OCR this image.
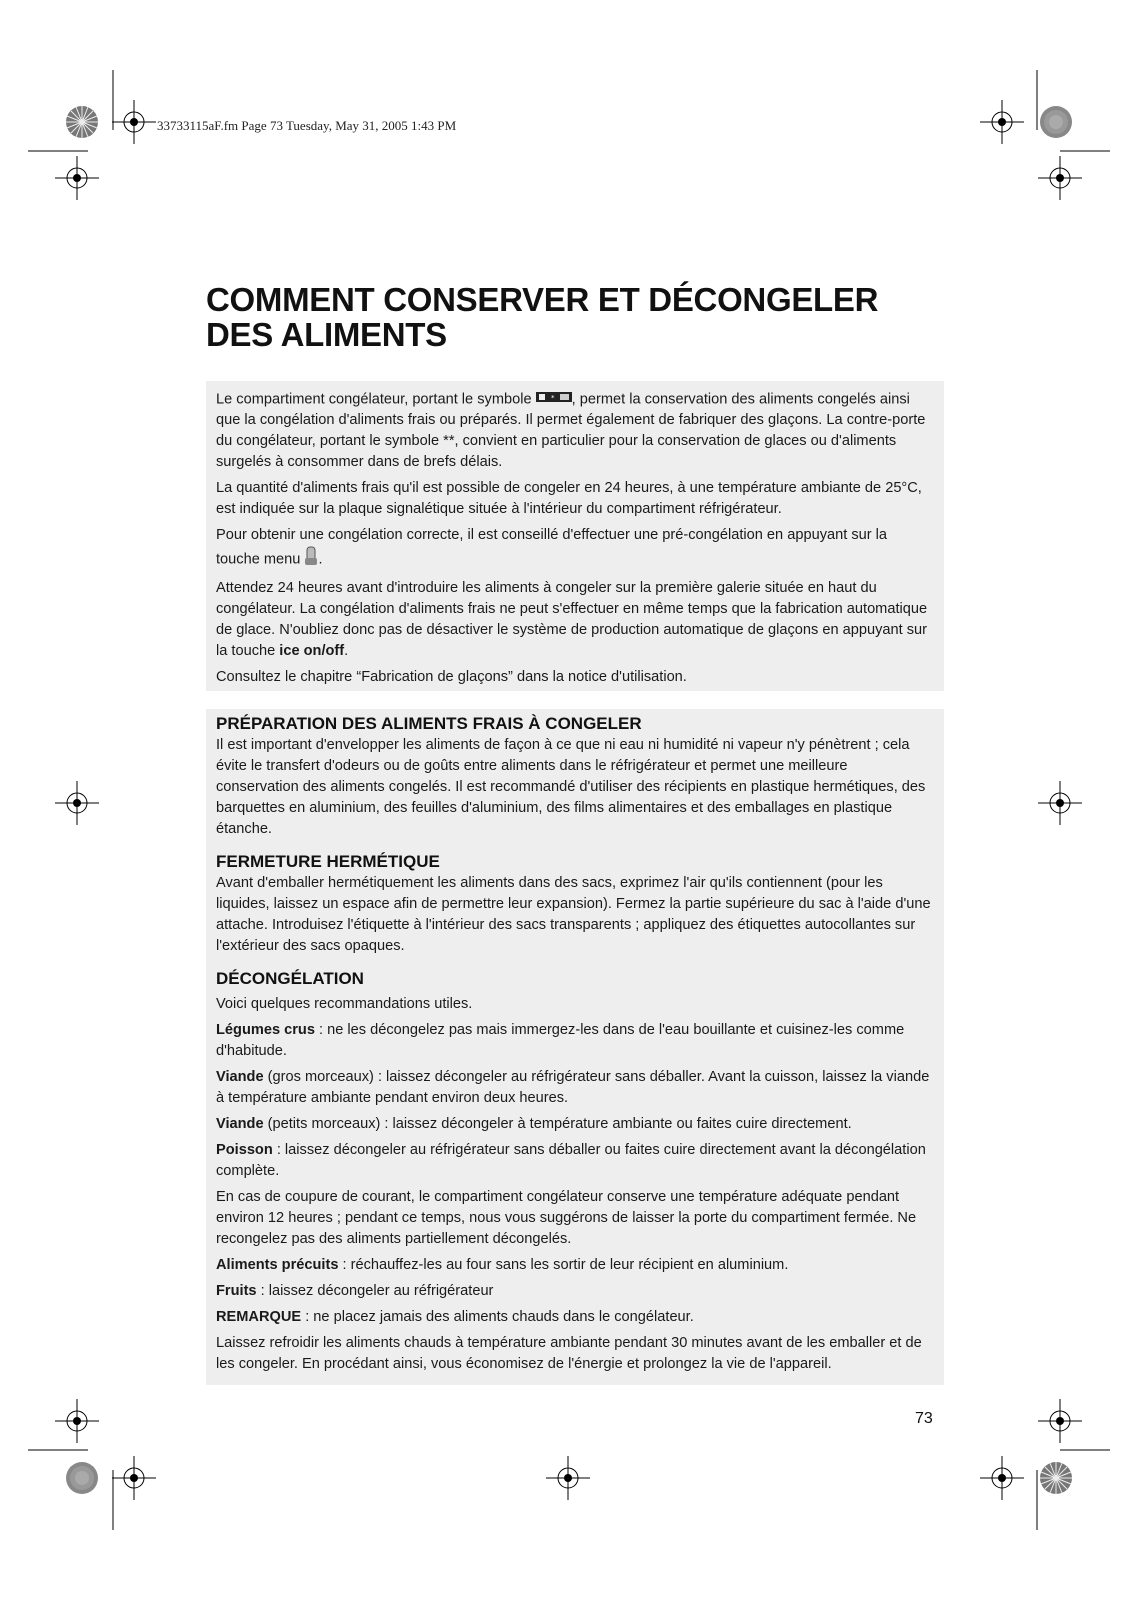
33733115aF.fm Page 73 Tuesday, May 31, 2005 1:43 PM
COMMENT CONSERVER ET DÉCONGELER
DES ALIMENTS

Le compartiment congélateur, portant le symbole	* , permet la conservation des aliments congelés ainsi que la congélation d'aliments frais ou préparés. Il permet également de fabriquer des glaçons. La contre-porte du congélateur, portant le symbole **, convient en particulier pour la conservation de glaces ou d'aliments surgelés à consommer dans de brefs délais.

La quantité d'aliments frais qu'il est possible de congeler en 24 heures, à une température ambiante de 25°C, est indiquée sur la plaque signalétique située à l'intérieur du compartiment réfrigérateur.

Pour obtenir une congélation correcte, il est conseillé d'effectuer une pré-congélation en appuyant sur la touche menu .

Attendez 24 heures avant d'introduire les aliments à congeler sur la première galerie située en haut du congélateur. La congélation d'aliments frais ne peut s'effectuer en même temps que la fabrication automatique de glace. N'oubliez donc pas de désactiver le système de production automatique de glaçons en appuyant sur la touche ice on/off.

Consultez le chapitre “Fabrication de glaçons” dans la notice d'utilisation.

PRÉPARATION DES ALIMENTS FRAIS À CONGELER

Il est important d'envelopper les aliments de façon à ce que ni eau ni humidité ni vapeur n'y pénètrent ; cela évite le transfert d'odeurs ou de goûts entre aliments dans le réfrigérateur et permet une meilleure conservation des aliments congelés. Il est recommandé d'utiliser des récipients en plastique hermétiques, des barquettes en aluminium, des feuilles d'aluminium, des films alimentaires et des emballages en plastique étanche.

FERMETURE HERMÉTIQUE

Avant d'emballer hermétiquement les aliments dans des sacs, exprimez l'air qu'ils contiennent (pour les liquides, laissez un espace afin de permettre leur expansion). Fermez la partie supérieure du sac à l'aide d'une attache. Introduisez l'étiquette à l'intérieur des sacs transparents ; appliquez des étiquettes autocollantes sur l'extérieur des sacs opaques.

DÉCONGÉLATION

Voici quelques recommandations utiles.

Légumes crus : ne les décongelez pas mais immergez-les dans de l'eau bouillante et cuisinez-les comme d'habitude.

Viande (gros morceaux) : laissez décongeler au réfrigérateur sans déballer. Avant la cuisson, laissez la viande à température ambiante pendant environ deux heures.

Viande (petits morceaux) : laissez décongeler à température ambiante ou faites cuire directement.

Poisson : laissez décongeler au réfrigérateur sans déballer ou faites cuire directement avant la décongélation complète.

En cas de coupure de courant, le compartiment congélateur conserve une température adéquate pendant environ 12 heures ; pendant ce temps, nous vous suggérons de laisser la porte du compartiment fermée. Ne recongelez pas des aliments partiellement décongelés.

Aliments précuits : réchauffez-les au four sans les sortir de leur récipient en aluminium.

Fruits : laissez décongeler au réfrigérateur

REMARQUE : ne placez jamais des aliments chauds dans le congélateur.

Laissez refroidir les aliments chauds à température ambiante pendant 30 minutes avant de les emballer et de les congeler. En procédant ainsi, vous économisez de l'énergie et prolongez la vie de l'appareil.

73
